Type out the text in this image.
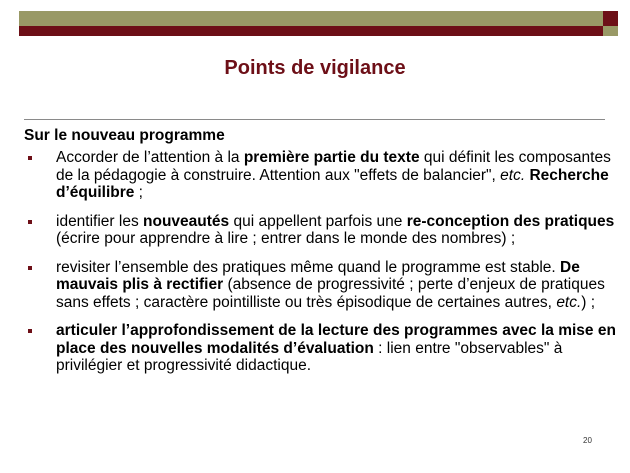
Points de vigilance
Sur le nouveau programme
Accorder de l’attention à la première partie du texte qui définit les composantes de la pédagogie à construire. Attention aux "effets de balancier", etc. Recherche d’équilibre ;
identifier les nouveautés qui appellent parfois une re-conception des pratiques (écrire pour apprendre à lire ; entrer dans le monde des nombres) ;
revisiter l’ensemble des pratiques même quand le programme est stable. De mauvais plis à rectifier (absence de progressivité ; perte d’enjeux de pratiques sans effets ; caractère pointilliste ou très épisodique de certaines autres, etc.) ;
articuler l’approfondissement de la lecture des programmes avec la mise en place des nouvelles modalités d’évaluation : lien entre "observables" à privilégier et progressivité didactique.
20
